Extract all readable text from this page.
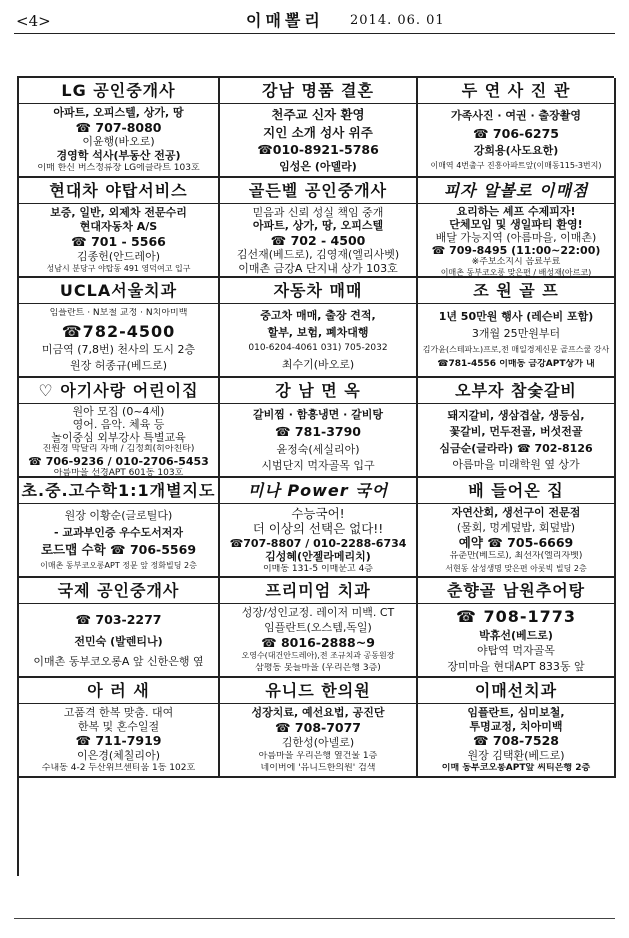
<4>	이매뽈리 2014. 06. 01
LG 공인중개사
아파트, 오피스텔, 상가, 땅
☎ 707-8080
이윤행(바오로)
경영학 석사(부동산 전공)
이매 한신 버스정류장 LG에클라트 103호
강남 명품 결혼
천주교 신자 환영
지인 소개 성사 위주
☎010-8921-5786
임성은 (아델라)
두 연 사 진 관
가족사진 · 여권 · 출장촬영
☎ 706-6275
강희용(사도요한)
이매역 4번출구 진흥아파트앞(이매동115-3번지)
현대차 야탑서비스
보증, 일반, 외제차 전문수리
현대자동차 A/S
☎ 701 - 5566
김종헌(안드레아)
성남시 분당구 야탑동 491 영덕여고 입구
골든벨 공인중개사
믿음과 신뢰 성실 책임 중개
아파트, 상가, 땅, 오피스텔
☎ 702 - 4500
김선재(베드로), 김영재(엘리사벳)
이매촌 금강A 단지내 상가 103호
피자 알볼로 이매점
요리하는 셰프 수제피자!
단체모임 및 생일파티 환영!
배달 가능지역 (아름마을, 이매촌)
☎ 709-8495 (11:00~22:00)
※주보소지시 음료무료
이매촌 동부코오롱 맞은편 / 배성재(아르코)
UCLA서울치과
임플란트 · N보철 교정 · N치아미백
☎782-4500
미금역 (7,8번) 천사의 도시 2층
원장 허종규(베드로)
자동차 매매
중고차 매매, 출장 견적,
할부, 보험, 폐차대행
010-6204-4061 031) 705-2032
최수기(바오로)
조 원 골 프
1년 50만원 행사 (레슨비 포함)
3개월 25만원부터
김가윤(스테파노)프로,전 매일경제신문 골프스쿨 강사
☎781-4556 이매동 금강APT상가 내
♡ 아기사랑 어린이집
원아 모집 (0~4세)
영어. 음악. 체육 등
놀이중심 외부강사 특별교육
진원경 막달리 자매 / 김정희(히아친타)
☎ 706-9236 / 010-2706-5453
아름마을 선경APT 601동 103호
강 남 면 옥
갈비찜 · 함흥냉면 · 갈비탕
☎ 781-3790
윤정숙(세실리아)
시범단지 먹자골목 입구
오부자 참숯갈비
돼지갈비, 생삼겹살, 생등심,
꽃갈비, 먼두전골, 버섯전골
심금순(글라라) ☎ 702-8126
아름마을 미래학원 옆 상가
초.중.고수학1:1개별지도
원장 이황순(글로틸다)
- 교과부인증 우수도서저자
로드맵 수학 ☎ 706-5569
이매촌 동부코오롱APT 정문 앞 정화빌딩 2층
미나 Power 국어
수능국어!
더 이상의 선택은 없다!!
☎707-8807 / 010-2288-6734
김성혜(안젤라메리치)
이매동 131-5 이매문고 4층
배 들어온 집
자연산회, 생선구이 전문점
(물회, 멍게덮밥, 회덮밥)
예약 ☎ 705-6669
유춘만(베드로), 최선자(엘리자벳)
서현동 삼성생명 맞은편 아롯빅 빌딩 2층
국제 공인중개사
☎ 703-2277
전민숙 (발렌티나)
이매촌 동부코오롱A 앞 신한은행 옆
프리미엄 치과
성장/성인교정. 레이저 미백. CT
임플란트(오스템,독일)
☎ 8016-2888~9
오영수(대건안드레아),전 조규치과 공동원장
삼평동 봇들마을 (우리은행 3층)
춘향골 남원추어탕
☎ 708-1773
박휴선(베드로)
야탑역 먹자골목
장미마을 현대APT 833동 앞
아 러 새
고품격 한복 맞춤. 대여
한복 및 혼수일절
☎ 711-7919
이은경(체칠리아)
수내동 4-2 두산위브센티움 1동 102호
유니드 한의원
성장치료, 예선요법, 공진단
☎ 708-7077
김한성(아넬로)
아름마을 우리은행 옆건물 1층
네이버에 '유니드한의원' 검색
이매선치과
임플란트, 심미보철,
투명교정, 치아미백
☎ 708-7528
원장 김택환(베드로)
이매 동부코오롱APT앞 씨티은행 2층
